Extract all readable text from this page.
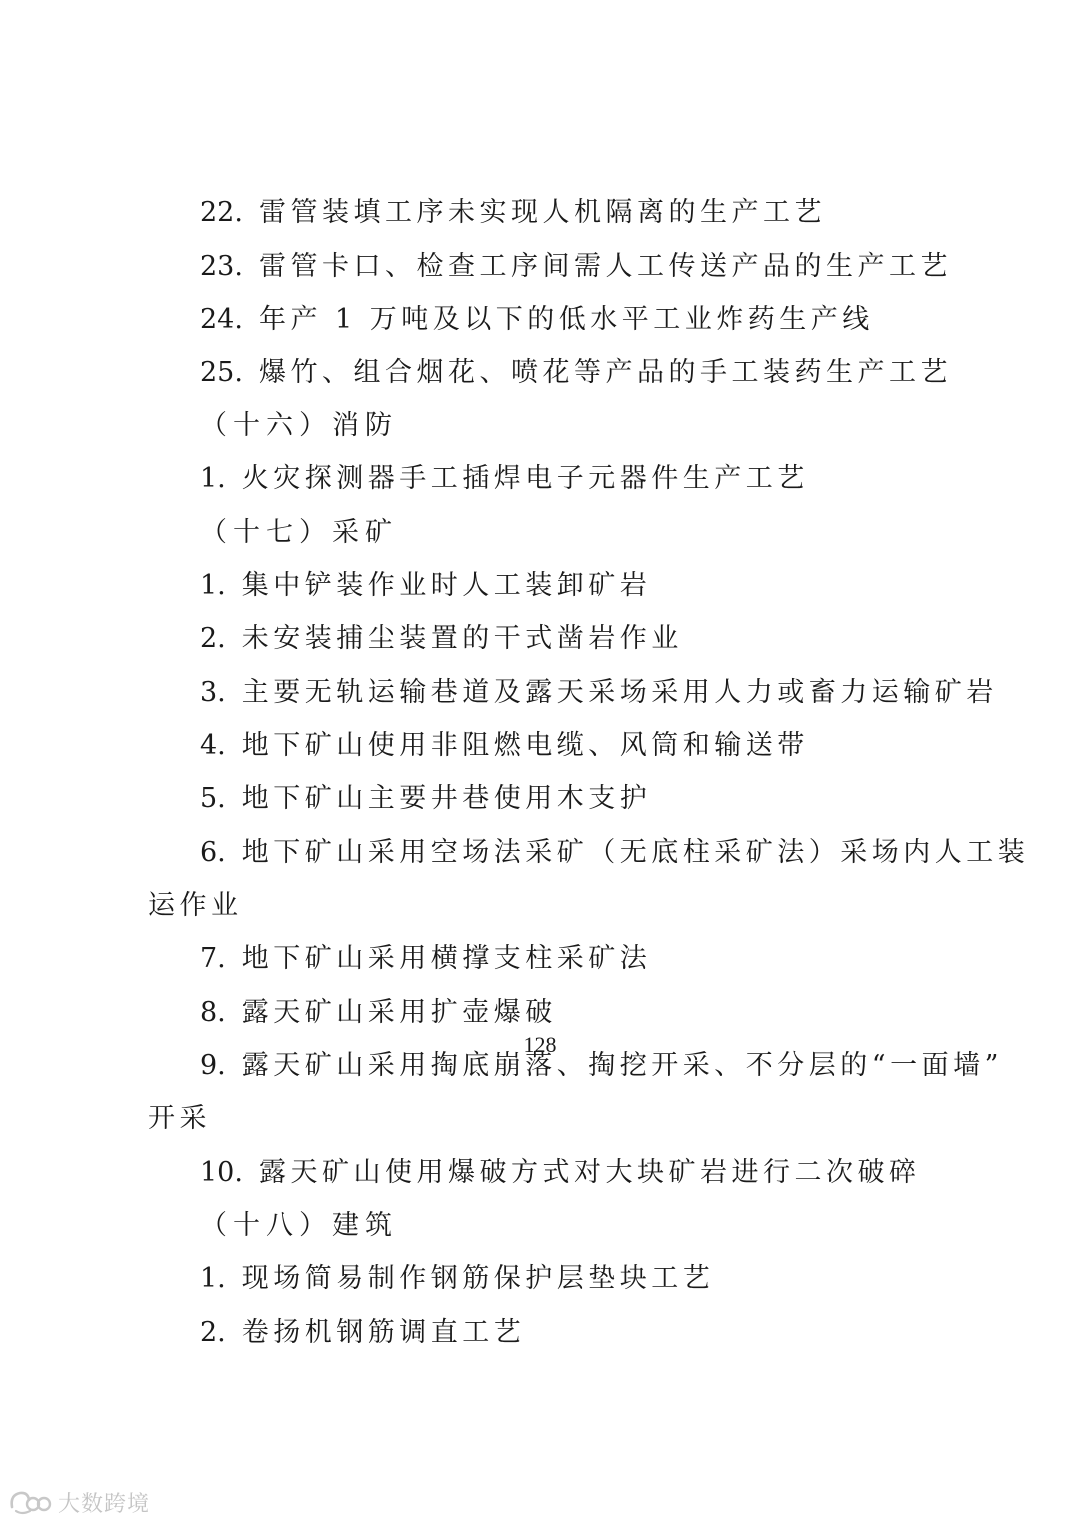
22. 雷管装填工序未实现人机隔离的生产工艺
23. 雷管卡口、检查工序间需人工传送产品的生产工艺
24. 年产 1 万吨及以下的低水平工业炸药生产线
25. 爆竹、组合烟花、喷花等产品的手工装药生产工艺
（十六）消防
1. 火灾探测器手工插焊电子元器件生产工艺
（十七）采矿
1. 集中铲装作业时人工装卸矿岩
2. 未安装捕尘装置的干式凿岩作业
3. 主要无轨运输巷道及露天采场采用人力或畜力运输矿岩
4. 地下矿山使用非阻燃电缆、风筒和输送带
5. 地下矿山主要井巷使用木支护
6. 地下矿山采用空场法采矿（无底柱采矿法）采场内人工装
运作业
7. 地下矿山采用横撑支柱采矿法
8. 露天矿山采用扩壶爆破
9. 露天矿山采用掏底崩落、掏挖开采、不分层的“一面墙”
开采
10. 露天矿山使用爆破方式对大块矿岩进行二次破碎
（十八）建筑
1. 现场简易制作钢筋保护层垫块工艺
2. 卷扬机钢筋调直工艺
128
大数跨境
